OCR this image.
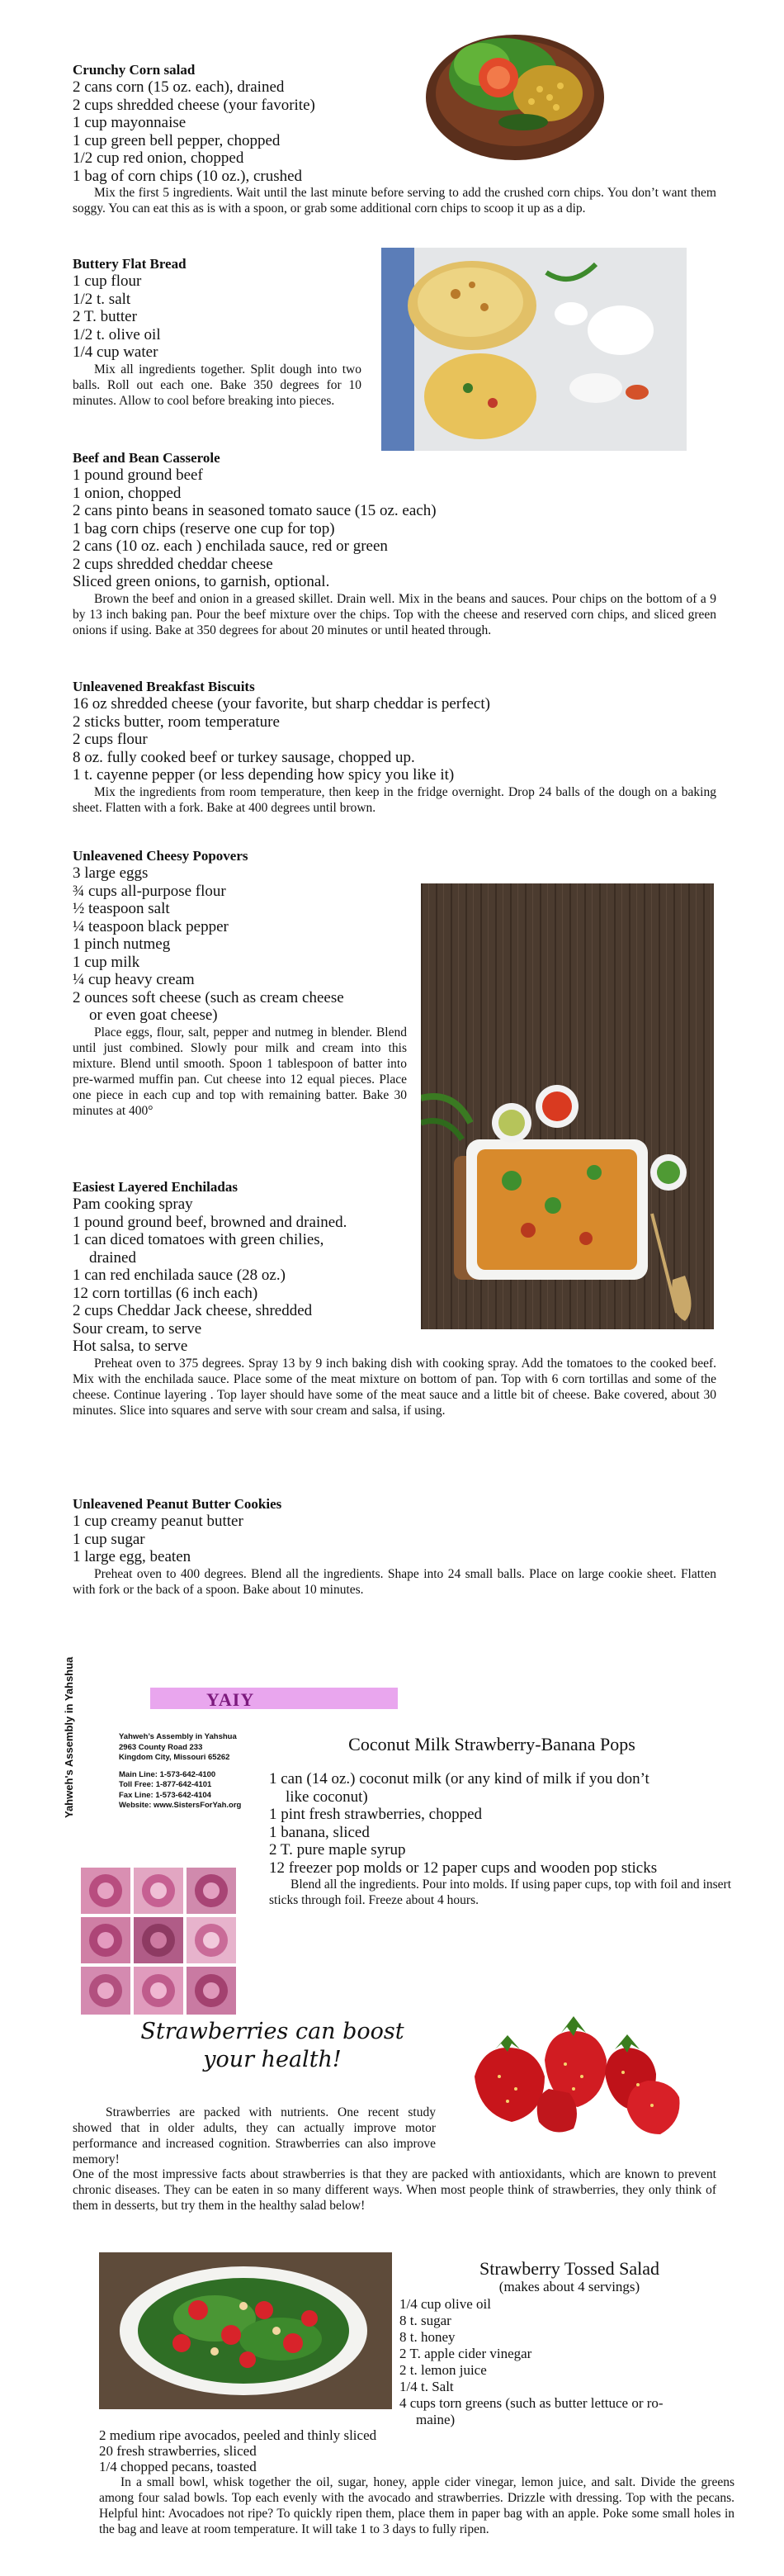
Crunchy Corn salad
2 cans corn (15 oz. each), drained
2 cups shredded cheese (your favorite)
1 cup mayonnaise
1 cup green bell pepper, chopped
1/2 cup red onion, chopped
1 bag of corn chips (10 oz.), crushed
Mix the first 5 ingredients. Wait until the last minute before serving to add the crushed corn chips. You don’t want them soggy. You can eat this as is with a spoon, or grab some additional corn chips to scoop it up as a dip.
Buttery Flat Bread
1 cup flour
1/2 t. salt
2 T. butter
1/2 t. olive oil
1/4 cup water
Mix all ingredients together. Split dough into two balls. Roll out each one. Bake 350 degrees for 10 minutes. Allow to cool before breaking into pieces.
Beef and Bean Casserole
1 pound ground beef
1 onion, chopped
2 cans pinto beans in seasoned tomato sauce (15 oz. each)
1 bag corn chips (reserve one cup for top)
2 cans (10 oz. each ) enchilada sauce, red or green
2 cups shredded cheddar cheese
Sliced green onions, to garnish, optional.
Brown the beef and onion in a greased skillet. Drain well. Mix in the beans and sauces. Pour chips on the bottom of a 9 by 13 inch baking pan. Pour the beef mixture over the chips. Top with the cheese and reserved corn chips, and sliced green onions if using. Bake at 350 degrees for about 20 minutes or until heated through.
Unleavened Breakfast Biscuits
16 oz shredded cheese (your favorite, but sharp cheddar is perfect)
2 sticks butter, room temperature
2 cups flour
8 oz. fully cooked beef or turkey sausage, chopped up.
1 t. cayenne pepper (or less depending how spicy you like it)
Mix the ingredients from room temperature, then keep in the fridge overnight. Drop 24 balls of the dough on a baking sheet. Flatten with a fork. Bake at 400 degrees until brown.
Unleavened Cheesy Popovers
3 large eggs
¾ cups all-purpose flour
½ teaspoon salt
¼ teaspoon black pepper
1 pinch nutmeg
1 cup milk
¼ cup heavy cream
2 ounces soft cheese (such as cream cheese
or even goat cheese)
Place eggs, flour, salt, pepper and nutmeg in blender. Blend until just combined. Slowly pour milk and cream into this mixture. Blend until smooth. Spoon 1 tablespoon of batter into pre-warmed muffin pan. Cut cheese into 12 equal pieces. Place one piece in each cup and top with remaining batter. Bake 30 minutes at 400°
Easiest Layered Enchiladas
Pam cooking spray
1 pound ground beef, browned and drained.
1 can diced tomatoes with green chilies,
drained
1 can red enchilada sauce (28 oz.)
12 corn tortillas (6 inch each)
2 cups Cheddar Jack cheese, shredded
Sour cream, to serve
Hot salsa, to serve
Preheat oven to 375 degrees. Spray 13 by 9 inch baking dish with cooking spray. Add the tomatoes to the cooked beef. Mix with the enchilada sauce. Place some of the meat mixture on bottom of pan. Top with 6 corn tortillas and some of the cheese. Continue layering . Top layer should have some of the meat sauce and a little bit of cheese. Bake covered, about 30 minutes. Slice into squares and serve with sour cream and salsa, if using.
Unleavened Peanut Butter Cookies
1 cup creamy peanut butter
1 cup sugar
1 large egg, beaten
Preheat oven to 400 degrees. Blend all the ingredients. Shape into 24 small balls. Place on large cookie sheet. Flatten with fork or the back of a spoon. Bake about 10 minutes.
Yahweh's Assembly in Yahshua	YAIY
Yahweh’s Assembly in Yahshua
2963 County Road 233
Kingdom City, Missouri 65262
Main Line: 1-573-642-4100
Toll Free: 1-877-642-4101
Fax Line: 1-573-642-4104
Website: www.SistersForYah.org
Coconut Milk Strawberry-Banana Pops
1 can (14 oz.) coconut milk (or any kind of milk if you don’t
like coconut)
1 pint fresh strawberries, chopped
1 banana, sliced
2 T. pure maple syrup
12 freezer pop molds or 12 paper cups and wooden pop sticks
Blend all the ingredients. Pour into molds. If using paper cups, top with foil and insert sticks through foil. Freeze about 4 hours.
Strawberries can boost
your health!
Strawberries are packed with nutrients. One recent study showed that in older adults, they can actually improve motor performance and increased cognition. Strawberries can also improve memory!
One of the most impressive facts about strawberries is that they are packed with antioxidants, which are known to prevent chronic diseases. They can be eaten in so many different ways. When most people think of strawberries, they only think of them in desserts, but try them in the healthy salad below!
Strawberry Tossed Salad
(makes about 4 servings)
1/4 cup olive oil
8 t. sugar
8 t. honey
2 T. apple cider vinegar
2 t. lemon juice
1/4 t. Salt
4 cups torn greens (such as butter lettuce or ro-
maine)
2 medium ripe avocados, peeled and thinly sliced
20 fresh strawberries, sliced
1/4 chopped pecans, toasted
In a small bowl, whisk together the oil, sugar, honey, apple cider vinegar, lemon juice, and salt. Divide the greens among four salad bowls. Top each evenly with the avocado and strawberries. Drizzle with dressing. Top with the pecans. Helpful hint: Avocadoes not ripe? To quickly ripen them, place them in paper bag with an apple. Poke some small holes in the bag and leave at room temperature. It will take 1 to 3 days to fully ripen.
